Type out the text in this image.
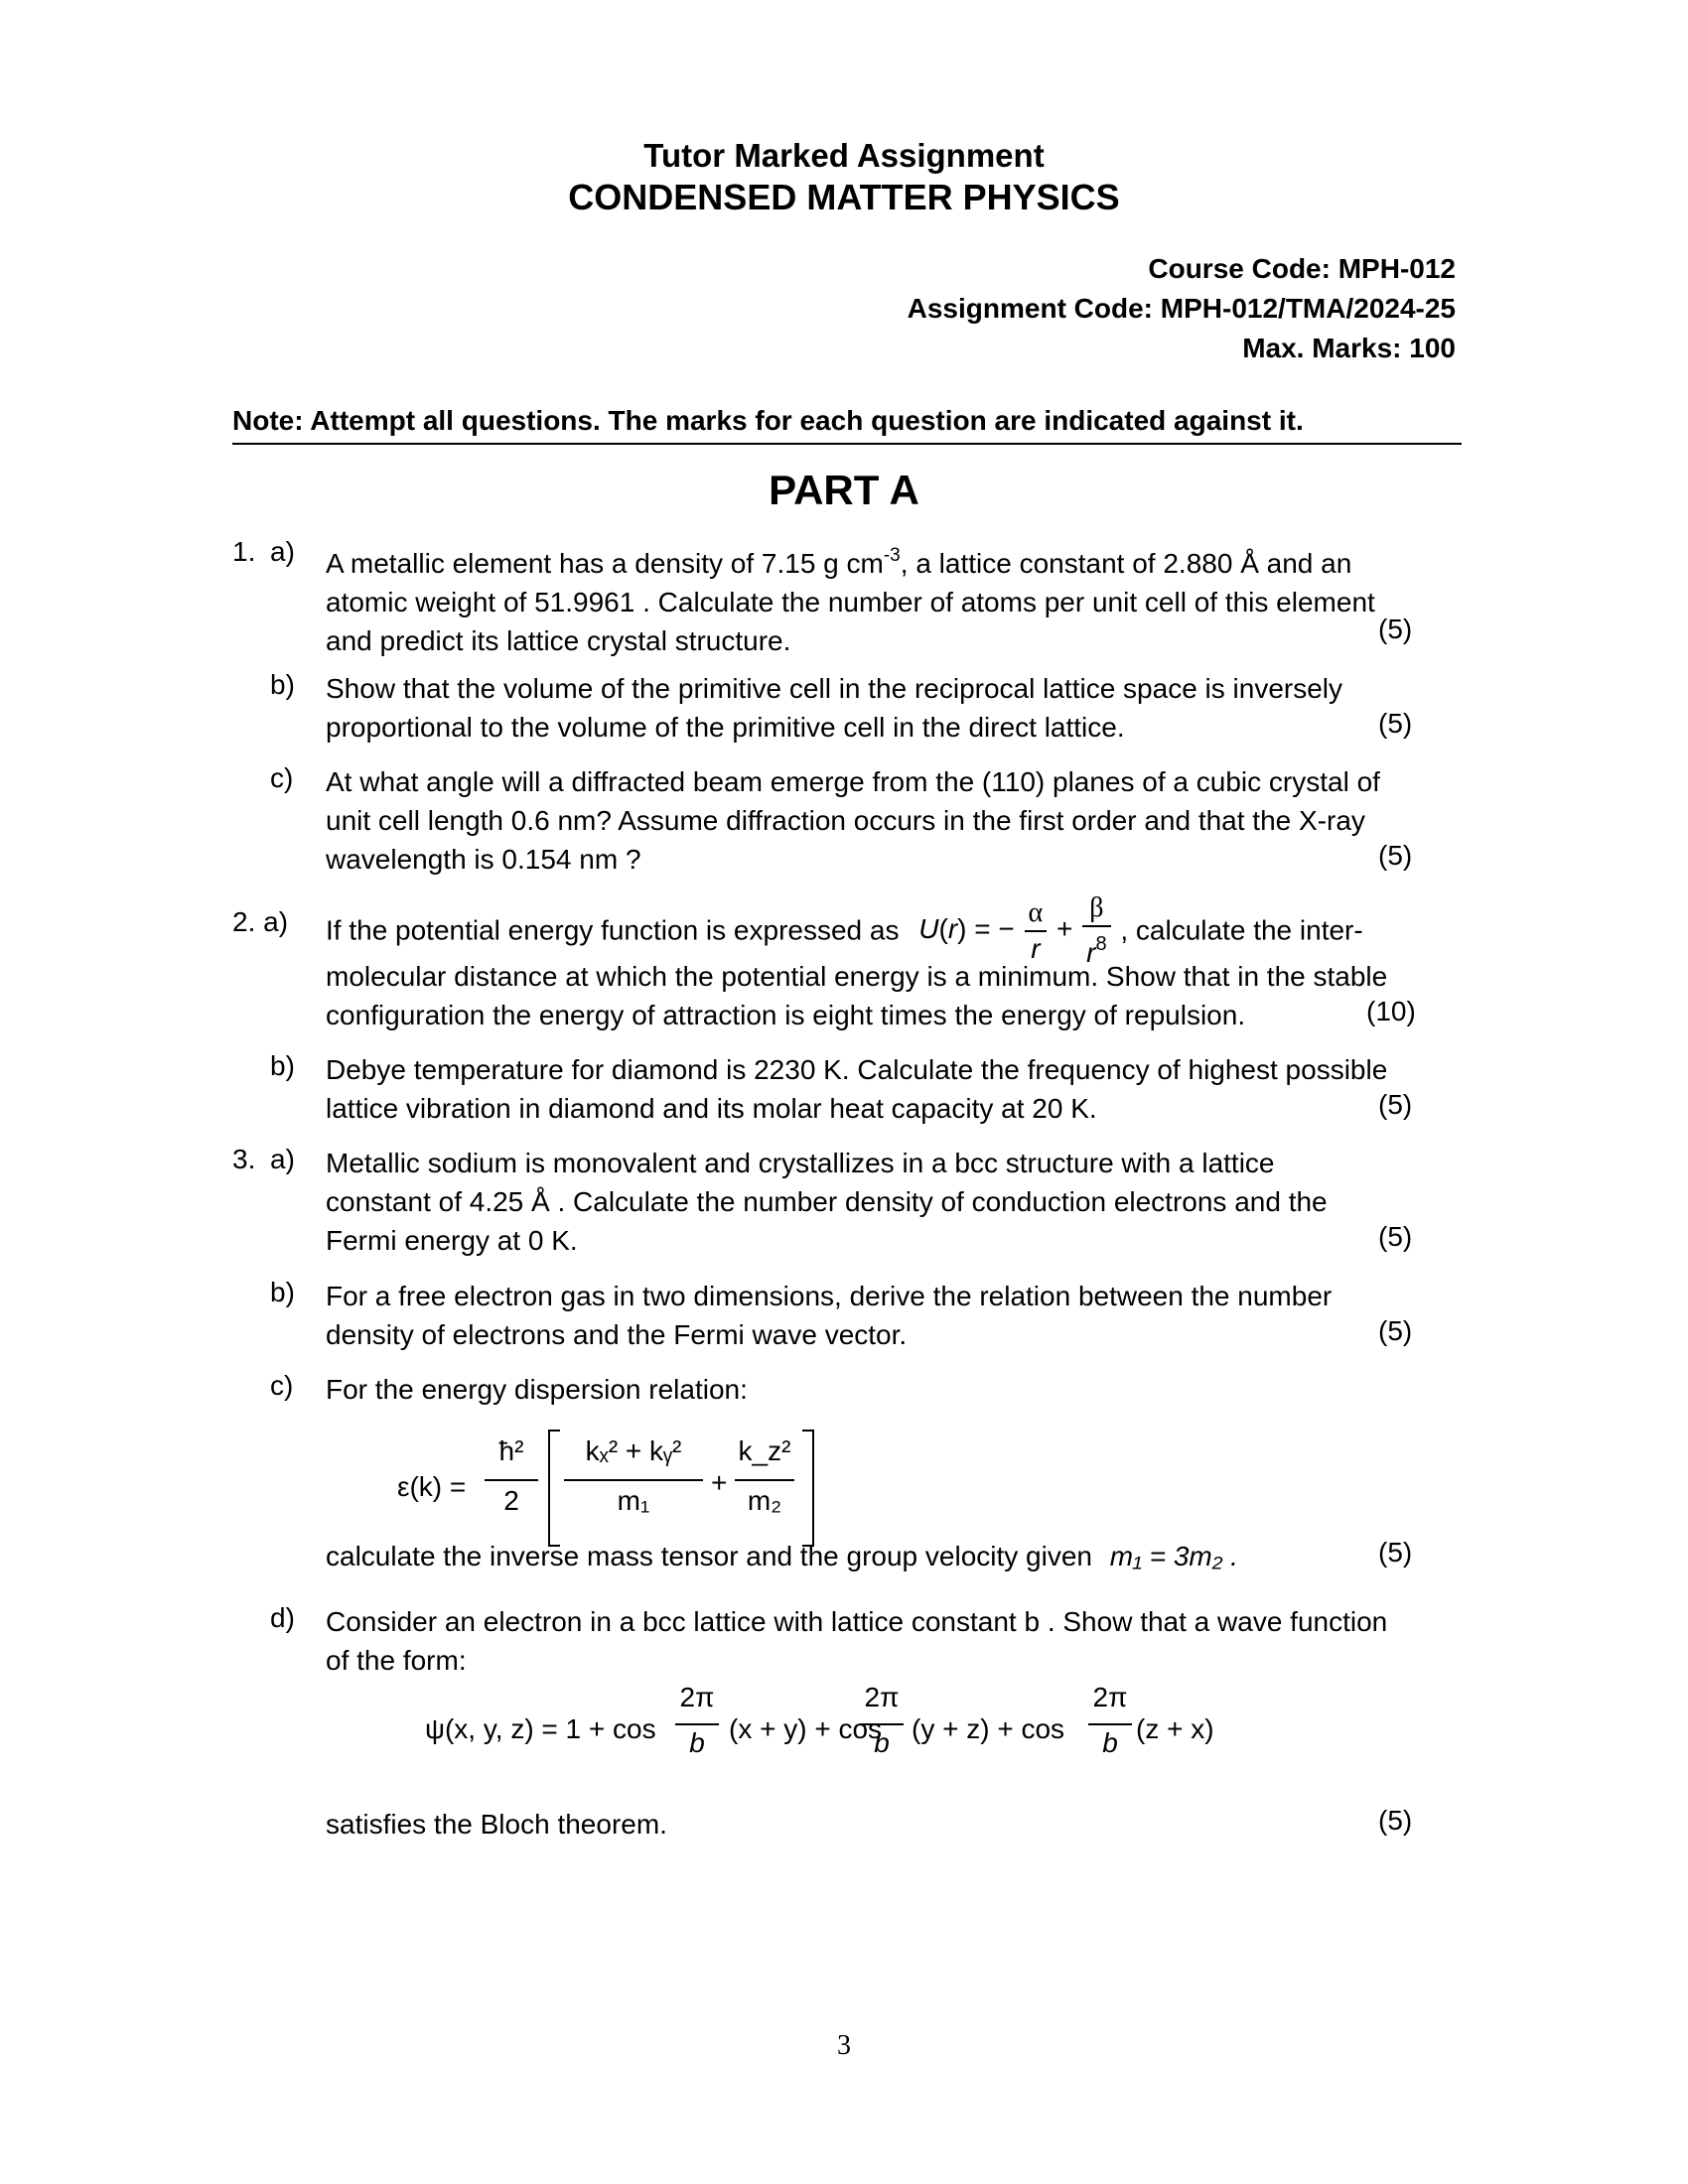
Tutor Marked Assignment
CONDENSED MATTER PHYSICS
Course Code: MPH-012
Assignment Code: MPH-012/TMA/2024-25
Max. Marks: 100
Note: Attempt all questions. The marks for each question are indicated against it.
PART A
1. a) A metallic element has a density of 7.15 g $cm^{-3}$, a lattice constant of 2.880 Å and an
atomic weight of 51.9961 . Calculate the number of atoms per unit cell of this element
and predict its lattice crystal structure.	(5)
b) Show that the volume of the primitive cell in the reciprocal lattice space is inversely
proportional to the volume of the primitive cell in the direct lattice.	(5)
c) At what angle will a diffracted beam emerge from the (110) planes of a cubic crystal of
unit cell length 0.6 nm? Assume diffraction occurs in the first order and that the X-ray
wavelength is 0.154 nm ?	(5)
2. a) If the potential energy function is expressed as U(r) = − $\frac{\alpha}{r} + \frac{\beta}{r^8}$ , calculate the inter-
molecular distance at which the potential energy is a minimum. Show that in the stable
configuration the energy of attraction is eight times the energy of repulsion.	(10)
b) Debye temperature for diamond is 2230 K. Calculate the frequency of highest possible
lattice vibration in diamond and its molar heat capacity at 20 K.	(5)
3. a) Metallic sodium is monovalent and crystallizes in a bcc structure with a lattice
constant of 4.25 Å . Calculate the number density of conduction electrons and the
Fermi energy at 0 K.	(5)
b) For a free electron gas in two dimensions, derive the relation between the number
density of electrons and the Fermi wave vector.	(5)
c) For the energy dispersion relation:
ε(k) =
ħ²
2
kₓ² + kᵧ²
m₁
+
k_z²
m₂
calculate the inverse mass tensor and the group velocity given m₁ = 3m₂ .	(5)
d) Consider an electron in a bcc lattice with lattice constant b . Show that a wave function
of the form:
ψ(x, y, z) = 1 + cos
2π
b (x + y) + cos
2π
b (y + z) + cos
2π
b (z + x)
satisfies the Bloch theorem.	(5)
3
